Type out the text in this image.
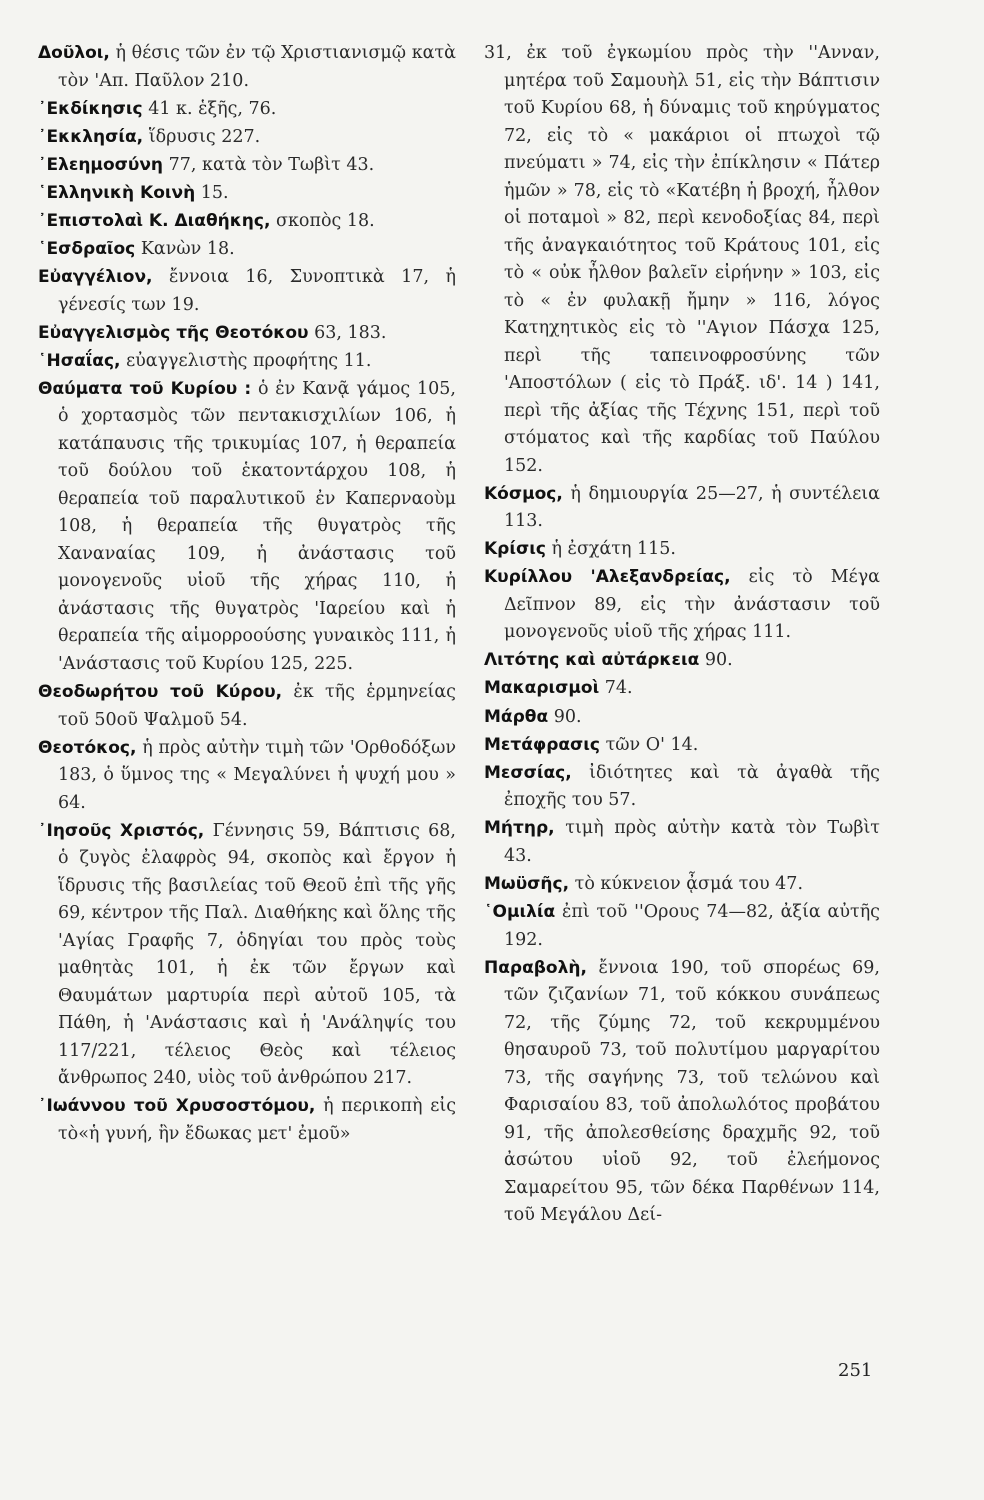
Δοῦλοι, ἡ θέσις τῶν ἐν τῷ Χριστιανισμῷ κατὰ τὸν 'Απ. Παῦλον 210.

᾿Εκδίκησις 41 κ. ἑξῆς, 76.

᾿Εκκλησία, ἵδρυσις 227.

᾿Ελεημοσύνη 77, κατὰ τὸν Τωβὶτ 43.

῾Ελληνικὴ Κοινὴ 15.

᾿Επιστολαὶ Κ. Διαθήκης, σκοπὸς 18.

῾Εσδραῖος Κανὼν 18.

Εὐαγγέλιον, ἔννοια 16, Συνοπτικὰ 17, ἡ γένεσίς των 19.

Εὐαγγελισμὸς τῆς Θεοτόκου 63, 183.

῾Ησαΐας, εὐαγγελιστὴς προφήτης 11.

Θαύματα τοῦ Κυρίου : ὁ ἐν Κανᾷ γάμος 105, ὁ χορτασμὸς τῶν πεντακισχιλίων 106, ἡ κατάπαυσις τῆς τρικυμίας 107, ἡ θεραπεία τοῦ δούλου τοῦ ἑκατοντάρχου 108, ἡ θεραπεία τοῦ παραλυτικοῦ ἐν Καπερναοὺμ 108, ἡ θεραπεία τῆς θυγατρὸς τῆς Χαναναίας 109, ἡ ἀνάστασις τοῦ μονογενοῦς υἱοῦ τῆς χήρας 110, ἡ ἀνάστασις τῆς θυγατρὸς 'Ιαρείου καὶ ἡ θεραπεία τῆς αἱμορροούσης γυναικὸς 111, ἡ 'Ανάστασις τοῦ Κυρίου 125, 225.

Θεοδωρήτου τοῦ Κύρου, ἐκ τῆς ἑρμηνείας τοῦ 50οῦ Ψαλμοῦ 54.

Θεοτόκος, ἡ πρὸς αὐτὴν τιμὴ τῶν 'Ορθοδόξων 183, ὁ ὕμνος της « Μεγαλύνει ἡ ψυχή μου » 64.

᾿Ιησοῦς Χριστός, Γέννησις 59, Βάπτισις 68, ὁ ζυγὸς ἐλαφρὸς 94, σκοπὸς καὶ ἔργον ἡ ἵδρυσις τῆς βασιλείας τοῦ Θεοῦ ἐπὶ τῆς γῆς 69, κέντρον τῆς Παλ. Διαθήκης καὶ ὅλης τῆς 'Αγίας Γραφῆς 7, ὁδηγίαι του πρὸς τοὺς μαθητὰς 101, ἡ ἐκ τῶν ἔργων καὶ Θαυμάτων μαρτυρία περὶ αὐτοῦ 105, τὰ Πάθη, ἡ 'Ανάστασις καὶ ἡ 'Ανάληψίς του 117/221, τέλειος Θεὸς καὶ τέλειος ἄνθρωπος 240, υἱὸς τοῦ ἀνθρώπου 217.

᾿Ιωάννου τοῦ Χρυσοστόμου, ἡ περικοπὴ εἰς τὸ«ἡ γυνή, ἣν ἔδωκας μετ' ἐμοῦ»

31, ἐκ τοῦ ἐγκωμίου πρὸς τὴν ''Ανναν, μητέρα τοῦ Σαμουὴλ 51, εἰς τὴν Βάπτισιν τοῦ Κυρίου 68, ἡ δύναμις τοῦ κηρύγματος 72, εἰς τὸ « μακάριοι οἱ πτωχοὶ τῷ πνεύματι » 74, εἰς τὴν ἐπίκλησιν « Πάτερ ἡμῶν » 78, εἰς τὸ «Κατέβη ἡ βροχή, ἦλθον οἱ ποταμοὶ » 82, περὶ κενοδοξίας 84, περὶ τῆς ἀναγκαιότητος τοῦ Κράτους 101, εἰς τὸ « οὐκ ἦλθον βαλεῖν εἰρήνην » 103, εἰς τὸ « ἐν φυλακῇ ἤμην » 116, λόγος Κατηχητικὸς εἰς τὸ ''Αγιον Πάσχα 125, περὶ τῆς ταπεινοφροσύνης τῶν 'Αποστόλων ( εἰς τὸ Πράξ. ιδ'. 14 ) 141, περὶ τῆς ἀξίας τῆς Τέχνης 151, περὶ τοῦ στόματος καὶ τῆς καρδίας τοῦ Παύλου 152.

Κόσμος, ἡ δημιουργία 25—27, ἡ συντέλεια 113.

Κρίσις ἡ ἐσχάτη 115.

Κυρίλλου 'Αλεξανδρείας, εἰς τὸ Μέγα Δεῖπνον 89, εἰς τὴν ἀνάστασιν τοῦ μονογενοῦς υἱοῦ τῆς χήρας 111.

Λιτότης καὶ αὐτάρκεια 90.

Μακαρισμοὶ 74.

Μάρθα 90.

Μετάφρασις τῶν Ο' 14.

Μεσσίας, ἰδιότητες καὶ τὰ ἀγαθὰ τῆς ἐποχῆς του 57.

Μήτηρ, τιμὴ πρὸς αὐτὴν κατὰ τὸν Τωβὶτ 43.

Μωϋσῆς, τὸ κύκνειον ᾆσμά του 47.

῾Ομιλία ἐπὶ τοῦ ''Ορους 74—82, ἀξία αὐτῆς 192.

Παραβολὴ, ἔννοια 190, τοῦ σπορέως 69, τῶν ζιζανίων 71, τοῦ κόκκου συνάπεως 72, τῆς ζύμης 72, τοῦ κεκρυμμένου θησαυροῦ 73, τοῦ πολυτίμου μαργαρίτου 73, τῆς σαγήνης 73, τοῦ τελώνου καὶ Φαρισαίου 83, τοῦ ἀπολωλότος προβάτου 91, τῆς ἀπολεσθείσης δραχμῆς 92, τοῦ ἀσώτου υἱοῦ 92, τοῦ ἐλεήμονος Σαμαρείτου 95, τῶν δέκα Παρθένων 114, τοῦ Μεγάλου Δεί-

251
